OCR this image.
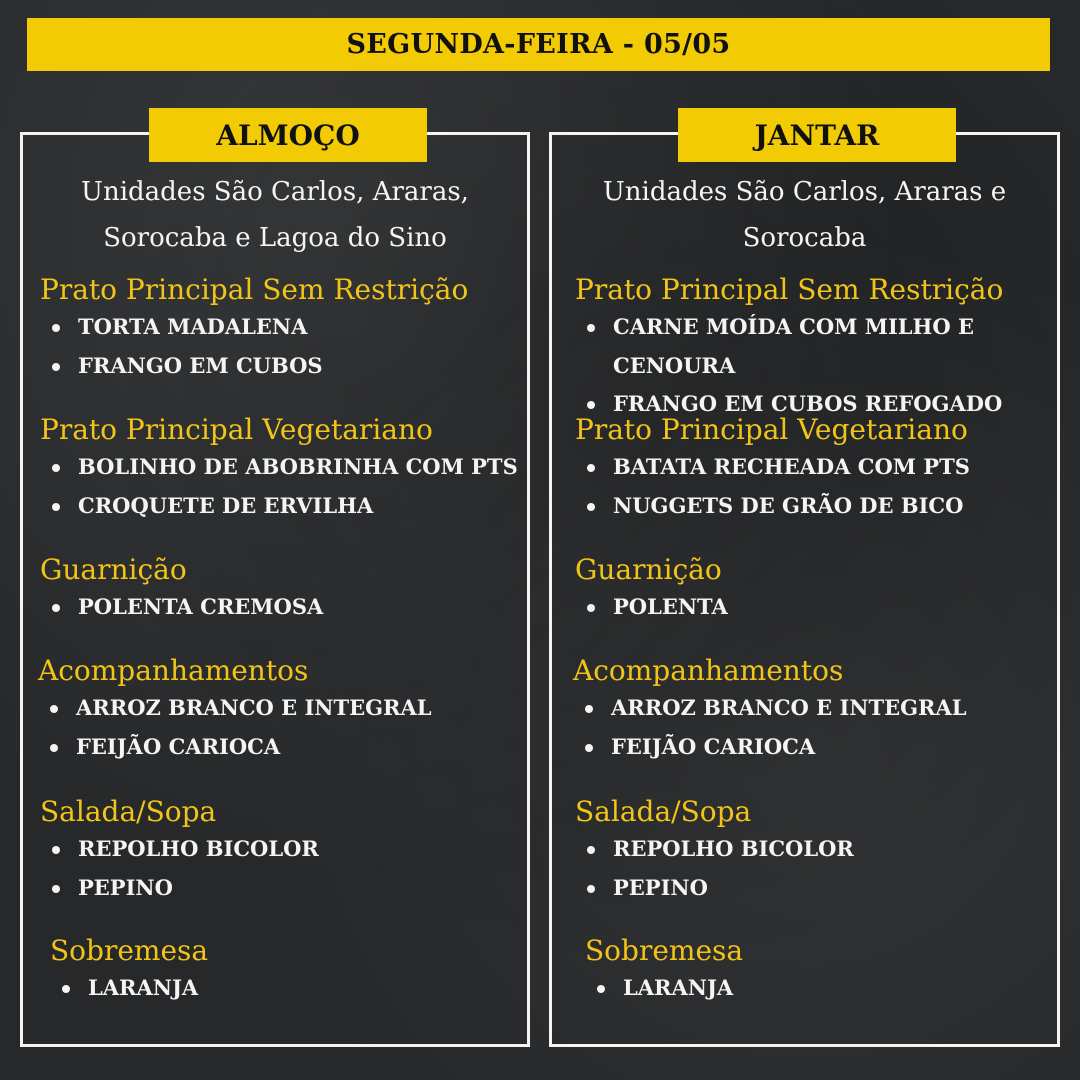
SEGUNDA-FEIRA - 05/05
ALMOÇO
Unidades São Carlos, Araras,
Sorocaba e Lagoa do Sino
Prato Principal Sem Restrição
TORTA MADALENA
FRANGO EM CUBOS
Prato Principal Vegetariano
BOLINHO DE ABOBRINHA COM PTS
CROQUETE DE ERVILHA
Guarnição
POLENTA CREMOSA
Acompanhamentos
ARROZ BRANCO E INTEGRAL
FEIJÃO CARIOCA
Salada/Sopa
REPOLHO BICOLOR
PEPINO
Sobremesa
LARANJA
JANTAR
Unidades São Carlos, Araras e
Sorocaba
Prato Principal Sem Restrição
CARNE MOÍDA COM MILHO E
CENOURA
FRANGO EM CUBOS REFOGADO
Prato Principal Vegetariano
BATATA RECHEADA COM PTS
NUGGETS DE GRÃO DE BICO
Guarnição
POLENTA
Acompanhamentos
ARROZ BRANCO E INTEGRAL
FEIJÃO CARIOCA
Salada/Sopa
REPOLHO BICOLOR
PEPINO
Sobremesa
LARANJA
